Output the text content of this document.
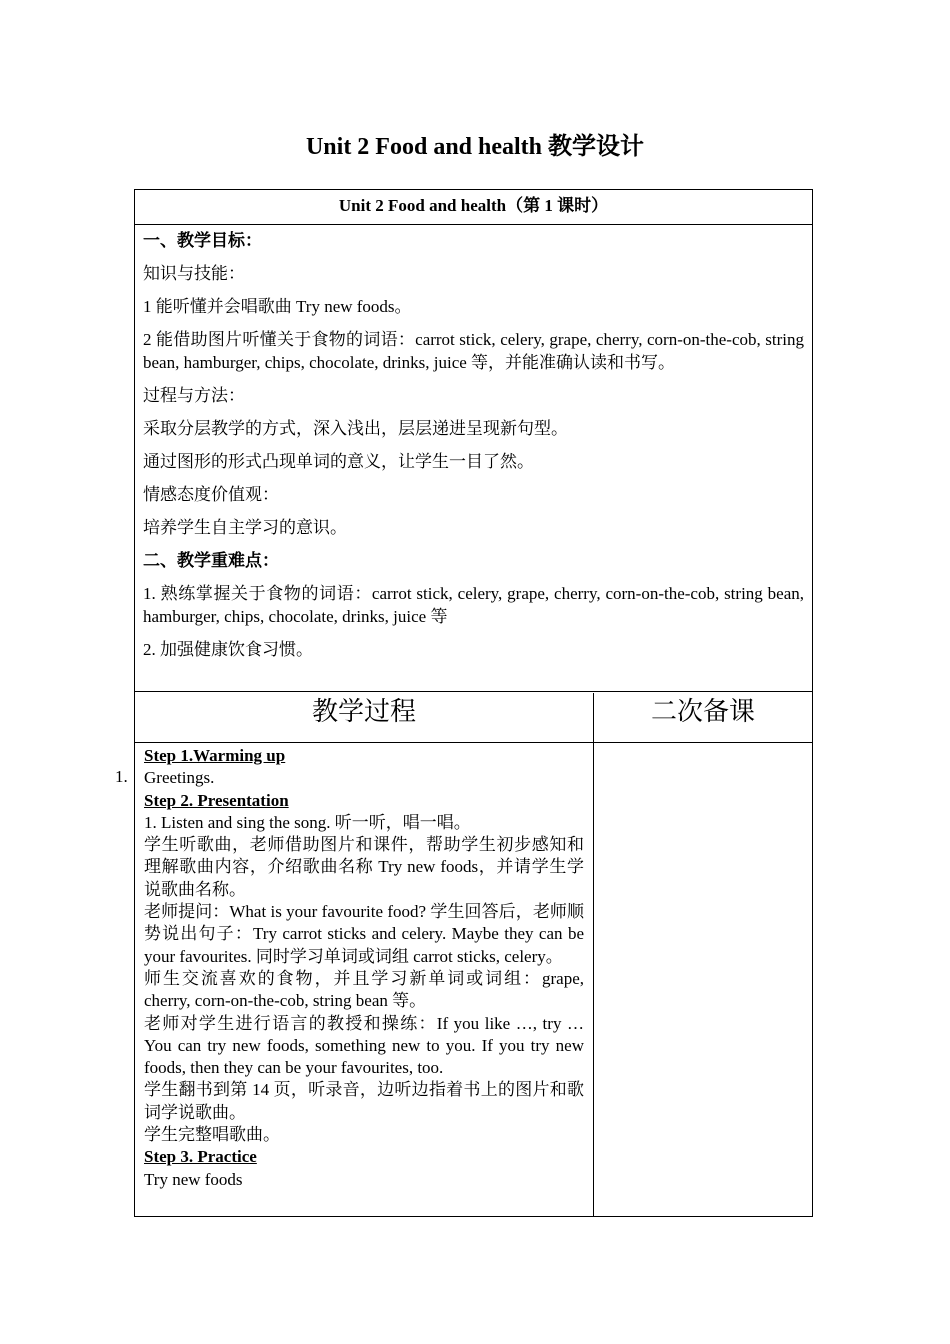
Unit 2 Food and health 教学设计
1.
Unit 2 Food and health（第 1 课时）

一、教学目标：

知识与技能：

1 能听懂并会唱歌曲 Try new foods。

2 能借助图片听懂关于食物的词语：carrot stick, celery, grape, cherry, corn-on-the-cob, string bean, hamburger, chips, chocolate, drinks, juice 等，并能准确认读和书写。

过程与方法：

采取分层教学的方式，深入浅出，层层递进呈现新句型。

通过图形的形式凸现单词的意义，让学生一目了然。

情感态度价值观：

培养学生自主学习的意识。

二、教学重难点：

1. 熟练掌握关于食物的词语：carrot stick, celery, grape, cherry, corn-on-the-cob, string bean, hamburger, chips, chocolate, drinks, juice 等

2. 加强健康饮食习惯。

教学过程	二次备课

Step 1.Warming up

Greetings.

Step 2. Presentation

1. Listen and sing the song. 听一听，唱一唱。

学生听歌曲，老师借助图片和课件，帮助学生初步感知和理解歌曲内容，介绍歌曲名称 Try new foods，并请学生学说歌曲名称。

老师提问：What is your favourite food? 学生回答后，老师顺势说出句子：Try carrot sticks and celery. Maybe they can be your favourites. 同时学习单词或词组 carrot sticks, celery。

师生交流喜欢的食物，并且学习新单词或词组：grape, cherry, corn-on-the-cob, string bean 等。

老师对学生进行语言的教授和操练：If you like …, try … You can try new foods, something new to you. If you try new foods, then they can be your favourites, too.

学生翻书到第 14 页，听录音，边听边指着书上的图片和歌词学说歌曲。

学生完整唱歌曲。

Step 3. Practice

Try new foods
